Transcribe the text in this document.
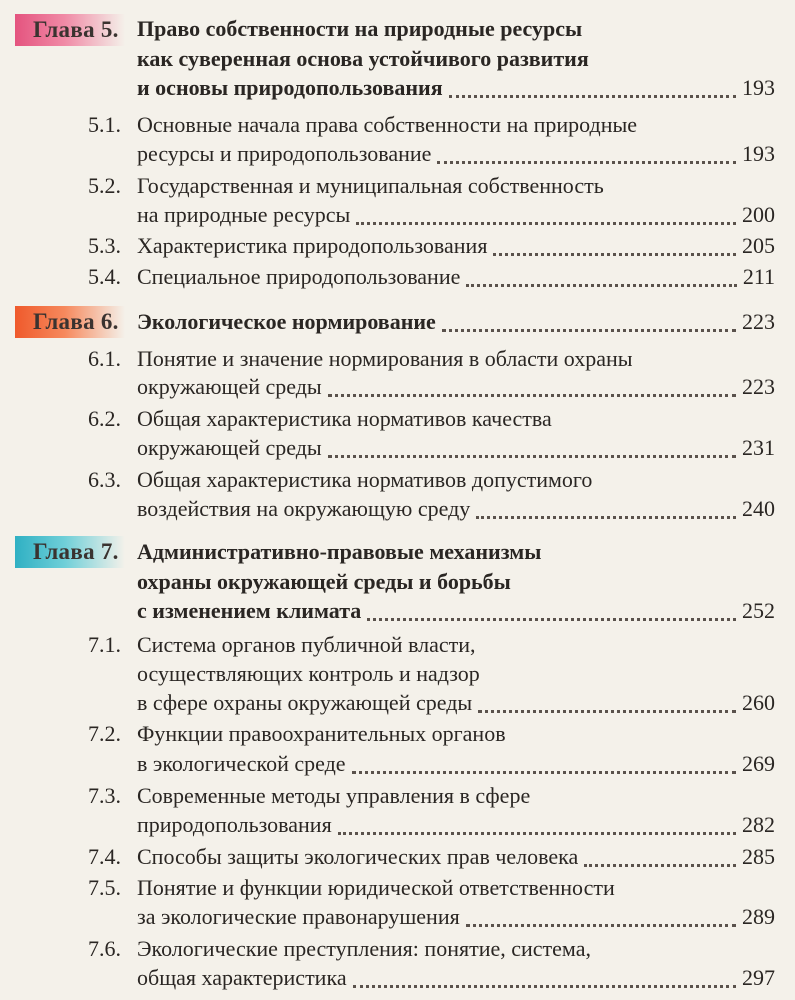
Глава 5. Право собственности на природные ресурсы
как суверенная основа устойчивого развития
и основы природопользования	193
5.1. Основные начала права собственности на природные
ресурсы и природопользование	193
5.2. Государственная и муниципальная собственность
на природные ресурсы	200
5.3. Характеристика природопользования	205
5.4. Специальное природопользование	211
Глава 6. Экологическое нормирование	223
6.1. Понятие и значение нормирования в области охраны
окружающей среды	223
6.2. Общая характеристика нормативов качества
окружающей среды	231
6.3. Общая характеристика нормативов допустимого
воздействия на окружающую среду	240
Глава 7. Административно-правовые механизмы
охраны окружающей среды и борьбы
с изменением климата	252
7.1. Система органов публичной власти,
осуществляющих контроль и надзор
в сфере охраны окружающей среды	260
7.2. Функции правоохранительных органов
в экологической среде	269
7.3. Современные методы управления в сфере
природопользования	282
7.4. Способы защиты экологических прав человека	285
7.5. Понятие и функции юридической ответственности
за экологические правонарушения	289
7.6. Экологические преступления: понятие, система,
общая характеристика	297
